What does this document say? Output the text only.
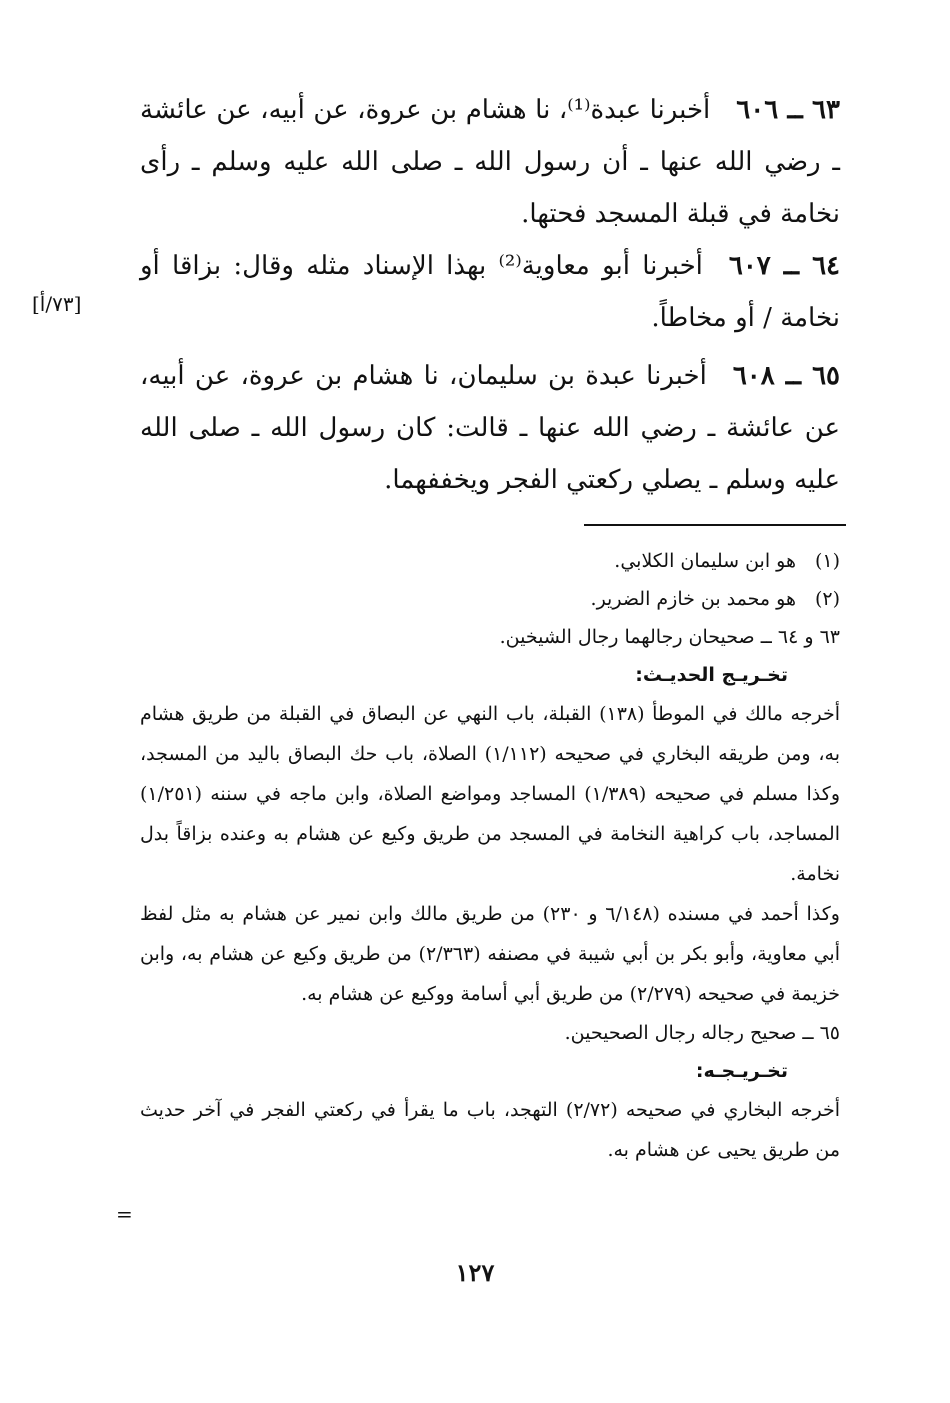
٦٣ ــ ٦٠٦أخبرنا عبدة⁽¹⁾، نا هشام بن عروة، عن أبيه، عن عائشة ـ رضي الله عنها ـ أن رسول الله ـ صلى الله عليه وسلم ـ رأى نخامة في قبلة المسجد فحتها.
٦٤ ــ ٦٠٧أخبرنا أبو معاوية⁽²⁾ بهذا الإسناد مثله وقال: بزاقا أو نخامة / أو مخاطاً.
[٧٣/أ]
٦٥ ــ ٦٠٨أخبرنا عبدة بن سليمان، نا هشام بن عروة، عن أبيه، عن عائشة ـ رضي الله عنها ـ قالت: كان رسول الله ـ صلى الله عليه وسلم ـ يصلي ركعتي الفجر ويخففهما.
(١)هو ابن سليمان الكلابي.
(٢)هو محمد بن خازم الضرير.
٦٣ و ٦٤ ــ صحيحان رجالهما رجال الشيخين.
تخـريـج الحديـث:
أخرجه مالك في الموطأ (١٣٨) القبلة، باب النهي عن البصاق في القبلة من طريق هشام به، ومن طريقه البخاري في صحيحه (١/١١٢) الصلاة، باب حك البصاق باليد من المسجد، وكذا مسلم في صحيحه (١/٣٨٩) المساجد ومواضع الصلاة، وابن ماجه في سننه (١/٢٥١) المساجد، باب كراهية النخامة في المسجد من طريق وكيع عن هشام به وعنده بزاقاً بدل نخامة.
وكذا أحمد في مسنده (٦/١٤٨ و ٢٣٠) من طريق مالك وابن نمير عن هشام به مثل لفظ أبي معاوية، وأبو بكر بن أبي شيبة في مصنفه (٢/٣٦٣) من طريق وكيع عن هشام به، وابن خزيمة في صحيحه (٢/٢٧٩) من طريق أبي أسامة ووكيع عن هشام به.
٦٥ ــ صحيح رجاله رجال الصحيحين.
تخـريـجـه:
أخرجه البخاري في صحيحه (٢/٧٢) التهجد، باب ما يقرأ في ركعتي الفجر في آخر حديث من طريق يحيى عن هشام به.
=
١٢٧
